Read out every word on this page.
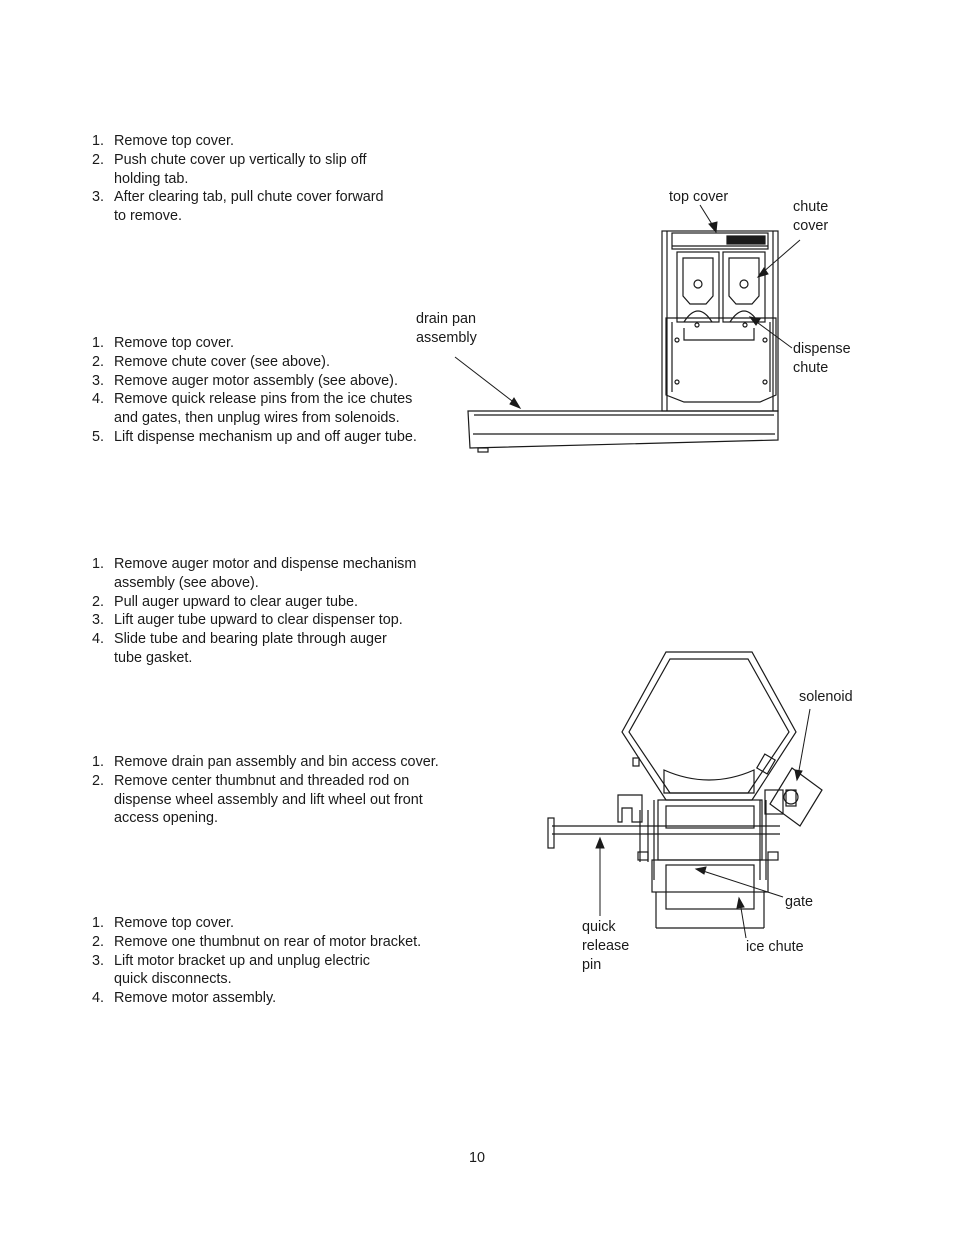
1. Remove top cover.
2. Push chute cover up vertically to slip off
holding tab.
3. After clearing tab, pull chute cover forward
to remove.
1. Remove top cover.
2. Remove chute cover (see above).
3. Remove auger motor assembly (see above).
4. Remove quick release pins from the ice chutes
and gates, then unplug wires from solenoids.
5. Lift dispense mechanism up and off auger tube.
1. Remove auger motor and dispense mechanism
assembly (see above).
2. Pull auger upward to clear auger tube.
3. Lift auger tube upward to clear dispenser top.
4. Slide tube and bearing plate through auger
tube gasket.
1. Remove drain pan assembly and bin access cover.
2. Remove center thumbnut and threaded rod on
dispense wheel assembly and lift wheel out front
access opening.
1. Remove top cover.
2. Remove one thumbnut on rear of motor bracket.
3. Lift motor bracket up and unplug electric
quick disconnects.
4. Remove motor assembly.
top cover
chute
cover
drain pan
assembly
dispense
chute
solenoid
gate
quick
release
pin
ice chute
10
